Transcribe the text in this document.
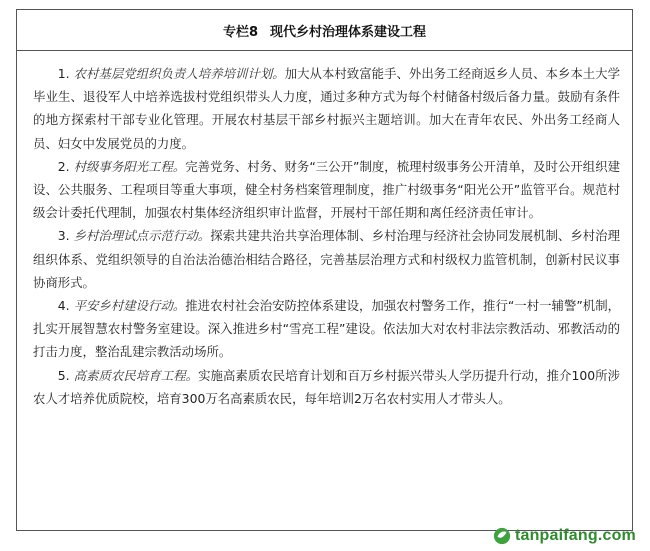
专栏8 现代乡村治理体系建设工程

1. 农村基层党组织负责人培养培训计划。加大从本村致富能手、外出务工经商返乡人员、本乡本土大学毕业生、退役军人中培养选拔村党组织带头人力度，通过多种方式为每个村储备村级后备力量。鼓励有条件的地方探索村干部专业化管理。开展农村基层干部乡村振兴主题培训。加大在青年农民、外出务工经商人员、妇女中发展党员的力度。

2. 村级事务阳光工程。完善党务、村务、财务“三公开”制度，梳理村级事务公开清单，及时公开组织建设、公共服务、工程项目等重大事项，健全村务档案管理制度，推广村级事务“阳光公开”监管平台。规范村级会计委托代理制，加强农村集体经济组织审计监督，开展村干部任期和离任经济责任审计。

3. 乡村治理试点示范行动。探索共建共治共享治理体制、乡村治理与经济社会协同发展机制、乡村治理组织体系、党组织领导的自治法治德治相结合路径，完善基层治理方式和村级权力监管机制，创新村民议事协商形式。

4. 平安乡村建设行动。推进农村社会治安防控体系建设，加强农村警务工作，推行“一村一辅警”机制，扎实开展智慧农村警务室建设。深入推进乡村“雪亮工程”建设。依法加大对农村非法宗教活动、邪教活动的打击力度，整治乱建宗教活动场所。

5. 高素质农民培育工程。实施高素质农民培育计划和百万乡村振兴带头人学历提升行动，推介100所涉农人才培养优质院校，培育300万名高素质农民，每年培训2万名农村实用人才带头人。

tanpaifang .com
